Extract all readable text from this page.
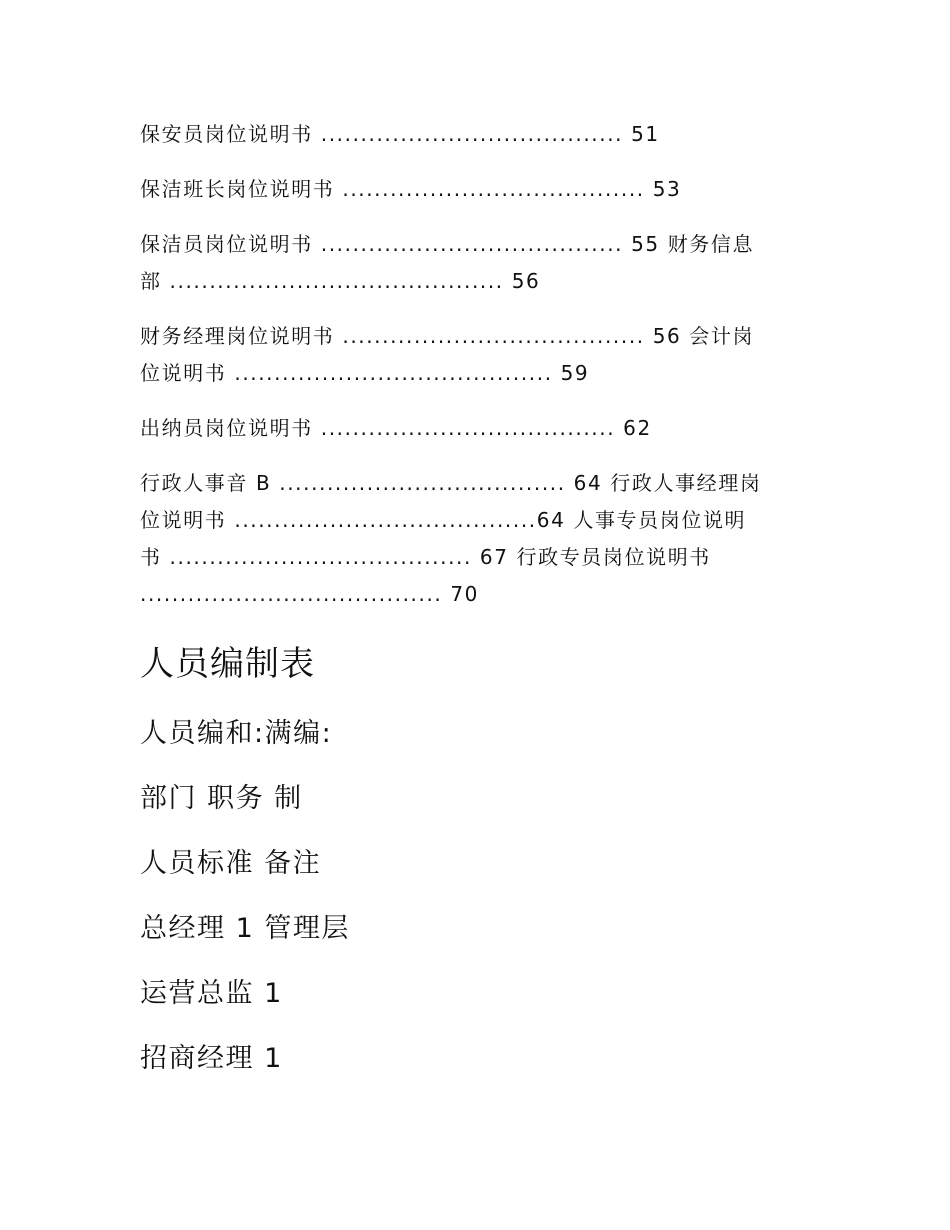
保安员岗位说明书 ...................................... 51
保洁班长岗位说明书 ...................................... 53
保洁员岗位说明书 ...................................... 55 财务信息
部 .......................................... 56
财务经理岗位说明书 ...................................... 56 会计岗
位说明书 ........................................ 59
出纳员岗位说明书 ..................................... 62
行政人事音 B .................................... 64 行政人事经理岗
位说明书 ......................................64 人事专员岗位说明
书 ...................................... 67 行政专员岗位说明书
...................................... 70
人员编制表
人员编和:满编:
部门 职务 制
人员标准 备注
总经理 1 管理层
运营总监 1
招商经理 1
